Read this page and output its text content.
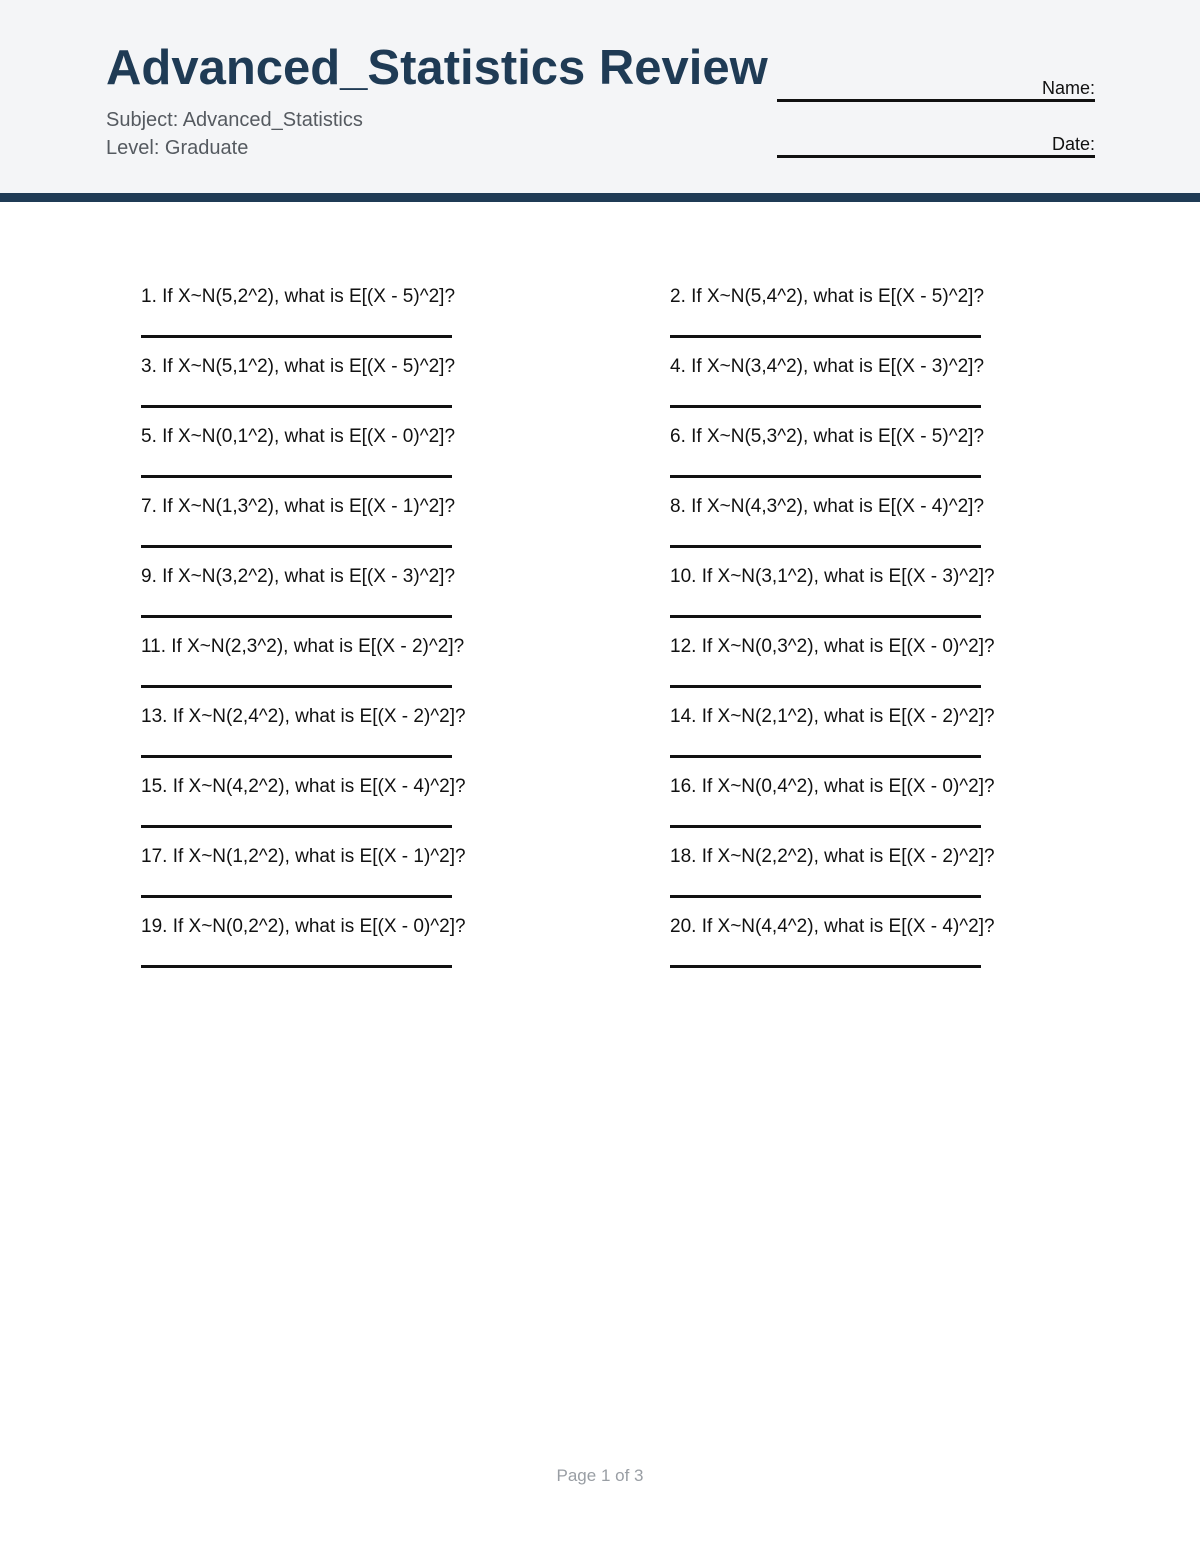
Advanced_Statistics Review
Subject: Advanced_Statistics
Level: Graduate
Name:
Date:
1. If X~N(5,2^2), what is E[(X - 5)^2]?	2. If X~N(5,4^2), what is E[(X - 5)^2]?
3. If X~N(5,1^2), what is E[(X - 5)^2]?	4. If X~N(3,4^2), what is E[(X - 3)^2]?
5. If X~N(0,1^2), what is E[(X - 0)^2]?	6. If X~N(5,3^2), what is E[(X - 5)^2]?
7. If X~N(1,3^2), what is E[(X - 1)^2]?	8. If X~N(4,3^2), what is E[(X - 4)^2]?
9. If X~N(3,2^2), what is E[(X - 3)^2]?	10. If X~N(3,1^2), what is E[(X - 3)^2]?
11. If X~N(2,3^2), what is E[(X - 2)^2]?	12. If X~N(0,3^2), what is E[(X - 0)^2]?
13. If X~N(2,4^2), what is E[(X - 2)^2]?	14. If X~N(2,1^2), what is E[(X - 2)^2]?
15. If X~N(4,2^2), what is E[(X - 4)^2]?	16. If X~N(0,4^2), what is E[(X - 0)^2]?
17. If X~N(1,2^2), what is E[(X - 1)^2]?	18. If X~N(2,2^2), what is E[(X - 2)^2]?
19. If X~N(0,2^2), what is E[(X - 0)^2]?	20. If X~N(4,4^2), what is E[(X - 4)^2]?
Page 1 of 3
